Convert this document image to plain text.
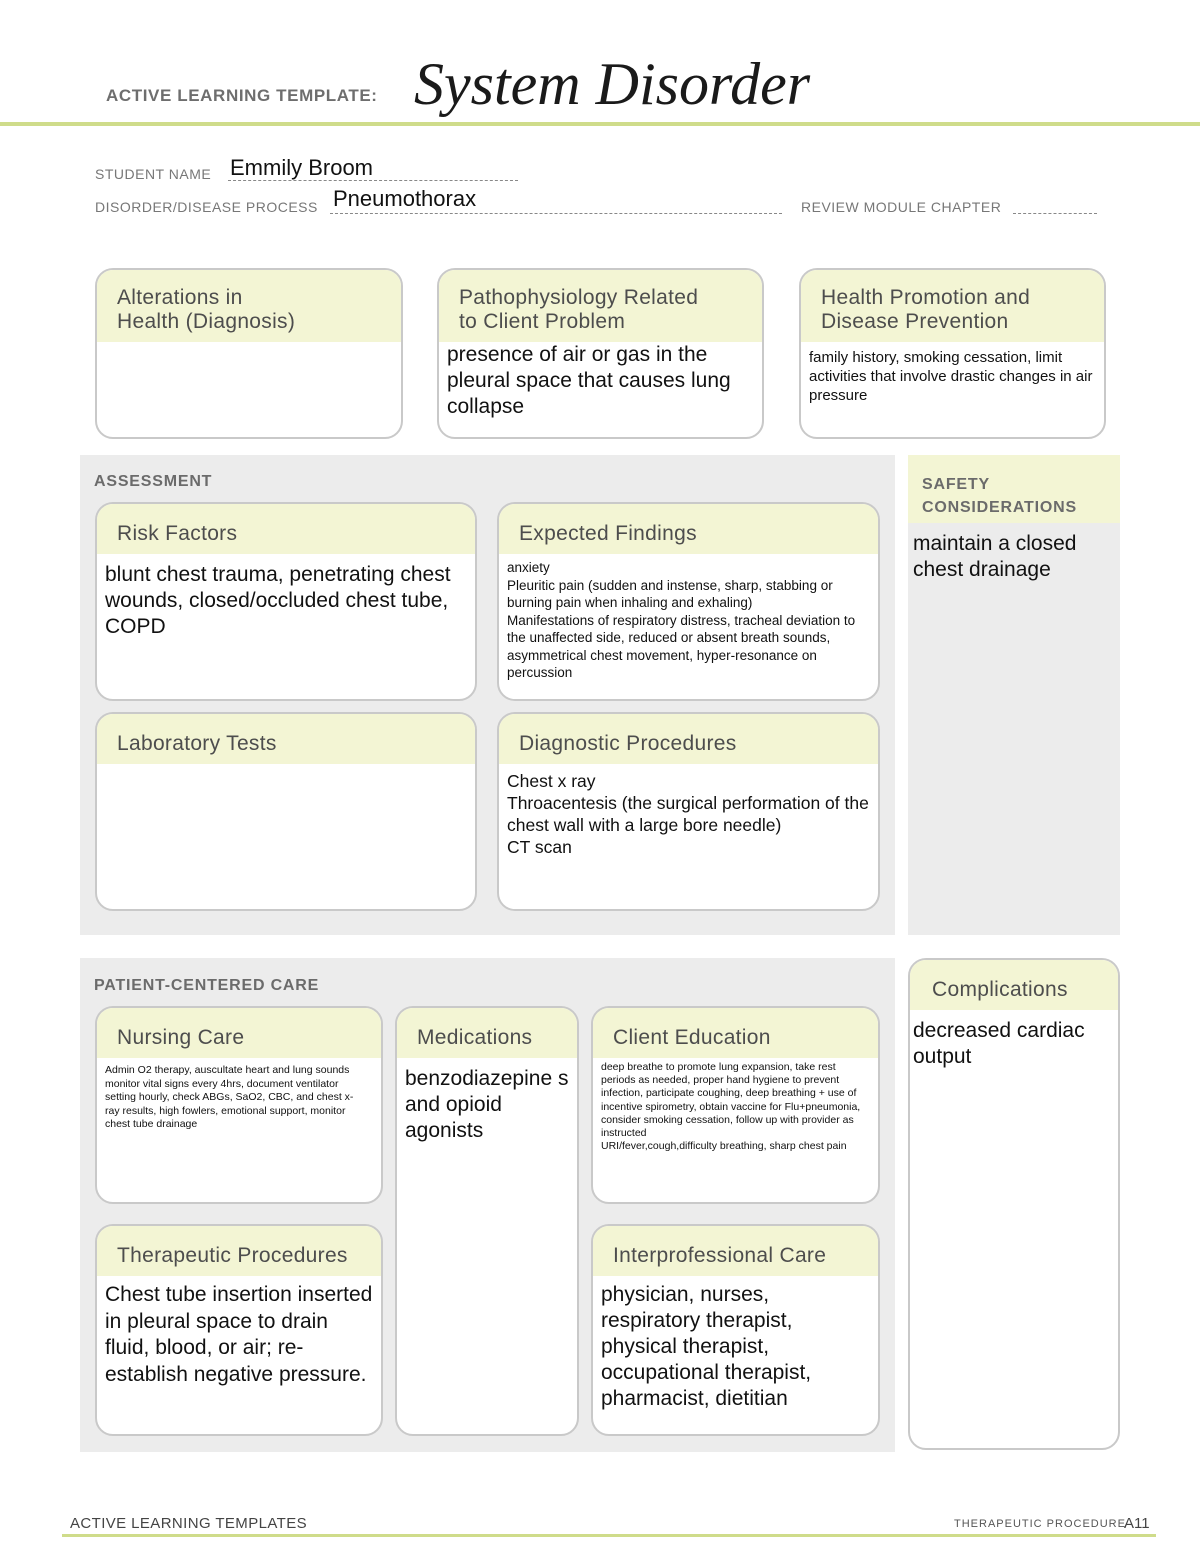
ACTIVE LEARNING TEMPLATE: System Disorder
STUDENT NAME Emmily Broom
DISORDER/DISEASE PROCESS Pneumothorax	REVIEW MODULE CHAPTER
Alterations in
Health (Diagnosis)
Pathophysiology Related
to Client Problem
presence of air or gas in the pleural space that causes lung collapse
Health Promotion and
Disease Prevention
family history, smoking cessation, limit activities that involve drastic changes in air pressure
ASSESSMENT
Risk Factors
blunt chest trauma, penetrating chest wounds, closed/occluded chest tube, COPD
Expected Findings
anxiety
Pleuritic pain (sudden and instense, sharp, stabbing or burning pain when inhaling and exhaling)
Manifestations of respiratory distress, tracheal deviation to the unaffected side, reduced or absent breath sounds, asymmetrical chest movement, hyper-resonance on percussion
Laboratory Tests	Diagnostic Procedures
Chest x ray
Throacentesis (the surgical performation of the chest wall with a large bore needle)
CT scan
SAFETY
CONSIDERATIONS
maintain a closed chest drainage
PATIENT-CENTERED CARE
Nursing Care
Admin O2 therapy, auscultate heart and lung sounds monitor vital signs every 4hrs, document ventilator setting hourly, check ABGs, SaO2, CBC, and chest x-ray results, high fowlers, emotional support, monitor chest tube drainage
Medications
benzodiazepine s and opioid agonists
Client Education
deep breathe to promote lung expansion, take rest periods as needed, proper hand hygiene to prevent infection, participate coughing, deep breathing + use of incentive spirometry, obtain vaccine for Flu+pneumonia, consider smoking cessation, follow up with provider as instructed
URI/fever,cough,difficulty breathing, sharp chest pain
Therapeutic Procedures
Chest tube insertion inserted in pleural space to drain fluid, blood, or air; re-establish negative pressure.
Interprofessional Care
physician, nurses, respiratory therapist, physical therapist, occupational therapist, pharmacist, dietitian
Complications
decreased cardiac output
ACTIVE LEARNING TEMPLATES	THERAPEUTIC PROCEDURE
A11
